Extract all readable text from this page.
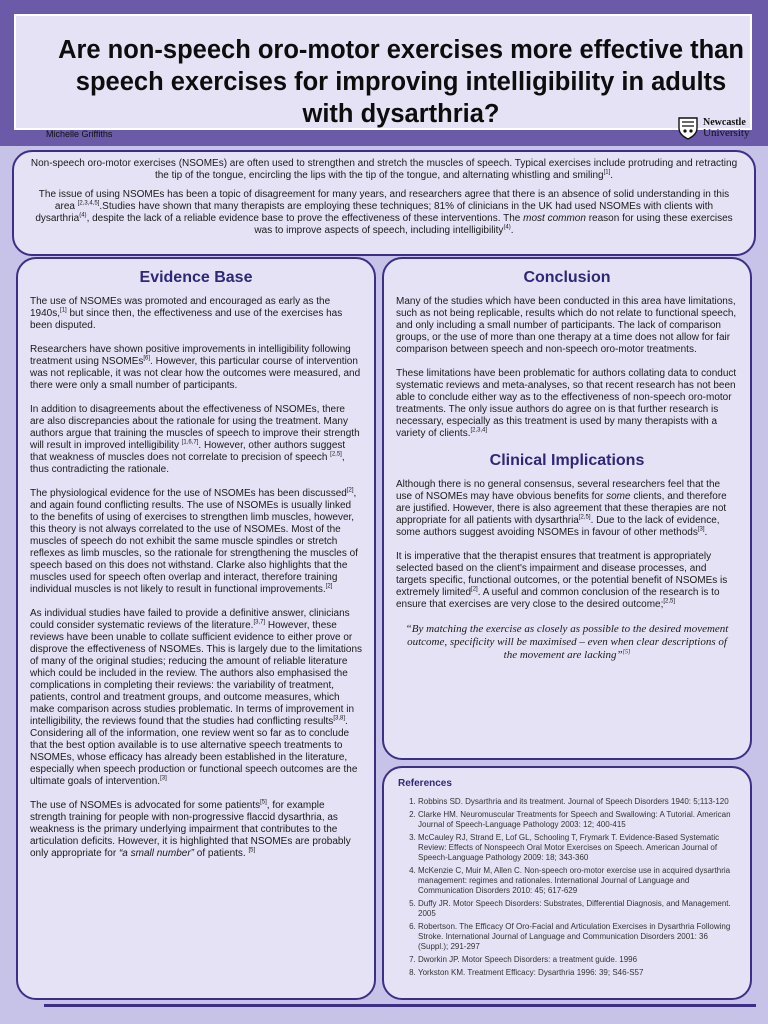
Are non-speech oro-motor exercises more effective than speech exercises for improving intelligibility in adults with dysarthria?
Michelle Griffiths
Newcastle
University

Non-speech oro-motor exercises (NSOMEs) are often used to strengthen and stretch the muscles of speech. Typical exercises include protruding and retracting the tip of the tongue, encircling the lips with the tip of the tongue, and alternating whistling and smiling[1].

The issue of using NSOMEs has been a topic of disagreement for many years, and researchers agree that there is an absence of solid understanding in this area [2,3,4,5].Studies have shown that many therapists are employing these techniques; 81% of clinicians in the UK had used NSOMEs with clients with dysarthria$^{(4)}$, despite the lack of a reliable evidence base to prove the effectiveness of these interventions. The most common reason for using these exercises was to improve aspects of speech, including intelligibility$^{(4)}$.

Evidence Base

The use of NSOMEs was promoted and encouraged as early as the 1940s,[1] but since then, the effectiveness and use of the exercises has been disputed.

Researchers have shown positive improvements in intelligibility following treatment using NSOMEs[6]. However, this particular course of intervention was not replicable, it was not clear how the outcomes were measured, and there were only a small number of participants.

In addition to disagreements about the effectiveness of NSOMEs, there are also discrepancies about the rationale for using the treatment. Many authors argue that training the muscles of speech to improve their strength will result in improved intelligibility [1,6,7]. However, other authors suggest that weakness of muscles does not correlate to precision of speech [2,5], thus contradicting the rationale.

The physiological evidence for the use of NSOMEs has been discussed[2], and again found conflicting results. The use of NSOMEs is usually linked to the benefits of using of exercises to strengthen limb muscles, however, this theory is not always correlated to the use of NSOMEs. Most of the muscles of speech do not exhibit the same muscle spindles or stretch reflexes as limb muscles, so the rationale for strengthening the muscles of speech based on this does not withstand. Clarke also highlights that the muscles used for speech often overlap and interact, therefore training individual muscles is not likely to result in functional improvements.[2]

As individual studies have failed to provide a definitive answer, clinicians could consider systematic reviews of the literature.[3,7] However, these reviews have been unable to collate sufficient evidence to either prove or disprove the effectiveness of NSOMEs. This is largely due to the limitations of many of the original studies; reducing the amount of reliable literature which could be included in the review. The authors also emphasised the complications in completing their reviews: the variability of treatment, patients, control and treatment groups, and outcome measures, which make comparison across studies problematic. In terms of improvement in intelligibility, the reviews found that the studies had conflicting results[3,8]. Considering all of the information, one review went so far as to conclude that the best option available is to use alternative speech treatments to NSOMEs, whose efficacy has already been established in the literature, especially when speech production or functional speech outcomes are the ultimate goals of intervention.[3]

The use of NSOMEs is advocated for some patients[5], for example strength training for people with non-progressive flaccid dysarthria, as weakness is the primary underlying impairment that contributes to the articulation deficits. However, it is highlighted that NSOMEs are probably only appropriate for “a small number” of patients. [5]

Conclusion

Many of the studies which have been conducted in this area have limitations, such as not being replicable, results which do not relate to functional speech, and only including a small number of participants. The lack of comparison groups, or the use of more than one therapy at a time does not allow for fair comparison between speech and non-speech oro-motor treatments.

These limitations have been problematic for authors collating data to conduct systematic reviews and meta-analyses, so that recent research has not been able to conclude either way as to the effectiveness of non-speech oro-motor treatments. The only issue authors do agree on is that further research is necessary, especially as this treatment is used by many therapists with a variety of clients.[2,3,4]

Clinical Implications

Although there is no general consensus, several researchers feel that the use of NSOMEs may have obvious benefits for some clients, and therefore are justified. However, there is also agreement that these therapies are not appropriate for all patients with dysarthria[2,5]. Due to the lack of evidence, some authors suggest avoiding NSOMEs in favour of other methods[3].

It is imperative that the therapist ensures that treatment is appropriately selected based on the client's impairment and disease processes, and targets specific, functional outcomes, or the potential benefit of NSOMEs is extremely limited[2]. A useful and common conclusion of the research is to ensure that exercises are very close to the desired outcome;[2,5]

“By matching the exercise as closely as possible to the desired movement outcome, specificity will be maximised – even when clear descriptions of the movement are lacking”[5]
References
1. Robbins SD. Dysarthria and its treatment. Journal of Speech Disorders 1940: 5;113-120
2. Clarke HM. Neuromuscular Treatments for Speech and Swallowing: A Tutorial. American Journal of Speech-Language Pathology 2003: 12; 400-415
3. McCauley RJ, Strand E, Lof GL, Schooling T, Frymark T. Evidence-Based Systematic Review: Effects of Nonspeech Oral Motor Exercises on Speech. American Journal of Speech-Language Pathology 2009: 18; 343-360
4. McKenzie C, Muir M, Allen C. Non-speech oro-motor exercise use in acquired dysarthria management: regimes and rationales. International Journal of Language and Communication Disorders 2010: 45; 617-629
5. Duffy JR. Motor Speech Disorders: Substrates, Differential Diagnosis, and Management. 2005
6. Robertson. The Efficacy Of Oro-Facial and Articulation Exercises in Dysarthria Following Stroke. International Journal of Language and Communication Disorders 2001: 36 (Suppl.); 291-297
7. Dworkin JP. Motor Speech Disorders: a treatment guide. 1996
8. Yorkston KM. Treatment Efficacy: Dysarthria 1996: 39; S46-S57
